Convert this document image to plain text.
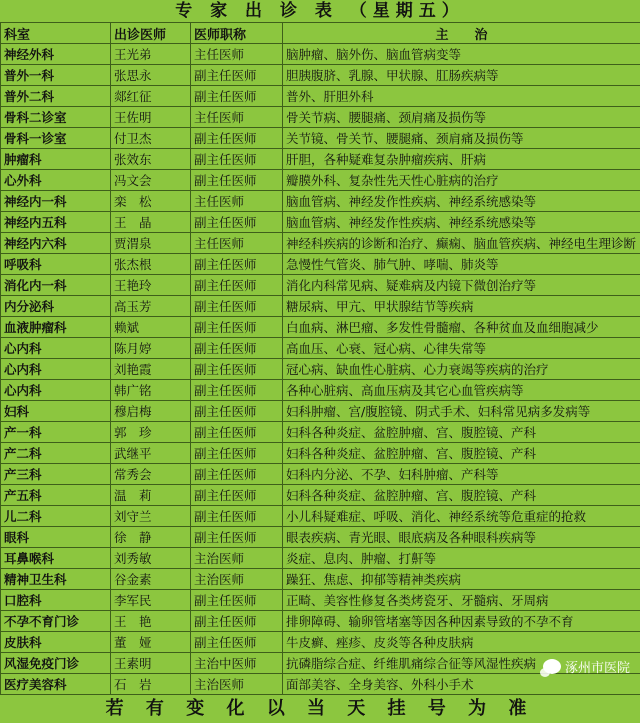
专 家 出 诊 表 （星期五）
科室	出诊医师	医师职称	主　　治
神经外科	王光弟	主任医师	脑肿瘤、脑外伤、脑血管病变等
普外一科	张思永	副主任医师	胆胰腹脐、乳腺、甲状腺、肛肠疾病等
普外二科	郯红征	副主任医师	普外、肝胆外科
骨科二诊室	王佐明	主任医师	骨关节病、腰腿痛、颈肩痛及损伤等
骨科一诊室	付卫杰	副主任医师	关节镜、骨关节、腰腿痛、颈肩痛及损伤等
肿瘤科	张效东	副主任医师	肝胆，各种疑难复杂肿瘤疾病、肝病
心外科	冯文会	副主任医师	瓣膜外科、复杂性先天性心脏病的治疗
神经内一科	栾　松	主任医师	脑血管病、神经发作性疾病、神经系统感染等
神经内五科	王　晶	副主任医师	脑血管病、神经发作性疾病、神经系统感染等
神经内六科	贾渭泉	主任医师	神经科疾病的诊断和治疗、癫痫、脑血管疾病、神经电生理诊断
呼吸科	张杰根	副主任医师	急慢性气管炎、肺气肿、哮喘、肺炎等
消化内一科	王艳玲	副主任医师	消化内科常见病、疑难病及内镜下微创治疗等
内分泌科	高玉芳	副主任医师	糖尿病、甲亢、甲状腺结节等疾病
血液肿瘤科	赖斌	副主任医师	白血病、淋巴瘤、多发性骨髓瘤、各种贫血及血细胞减少
心内科	陈月婷	副主任医师	高血压、心衰、冠心病、心律失常等
心内科	刘艳霞	副主任医师	冠心病、缺血性心脏病、心力衰竭等疾病的治疗
心内科	韩广铭	副主任医师	各种心脏病、高血压病及其它心血管疾病等
妇科	穆启梅	副主任医师	妇科肿瘤、宫/腹腔镜、阴式手术、妇科常见病多发病等
产一科	郭　珍	副主任医师	妇科各种炎症、盆腔肿瘤、宫、腹腔镜、产科
产二科	武继平	副主任医师	妇科各种炎症、盆腔肿瘤、宫、腹腔镜、产科
产三科	常秀会	副主任医师	妇科内分泌、不孕、妇科肿瘤、产科等
产五科	温　莉	副主任医师	妇科各种炎症、盆腔肿瘤、宫、腹腔镜、产科
儿二科	刘守兰	副主任医师	小儿科疑难症、呼吸、消化、神经系统等危重症的抢救
眼科	徐　静	副主任医师	眼表疾病、青光眼、眼底病及各种眼科疾病等
耳鼻喉科	刘秀敏	主治医师	炎症、息肉、肿瘤、打鼾等
精神卫生科	谷金素	主治医师	躁狂、焦虑、抑郁等精神类疾病
口腔科	李军民	副主任医师	正畸、美容性修复各类烤瓷牙、牙髓病、牙周病
不孕不育门诊	王　艳	副主任医师	排卵障碍、输卵管堵塞等因各种因素导致的不孕不育
皮肤科	董　娅	副主任医师	牛皮癣、痤疹、皮炎等各种皮肤病
风湿免疫门诊	王素明	主治中医师	抗磷脂综合症、纤维肌痛综合征等风湿性疾病
医疗美容科	石　岩	主治医师	面部美容、全身美容、外科小手术
若 有 变 化 以 当 天 挂 号 为 准
涿州市医院
